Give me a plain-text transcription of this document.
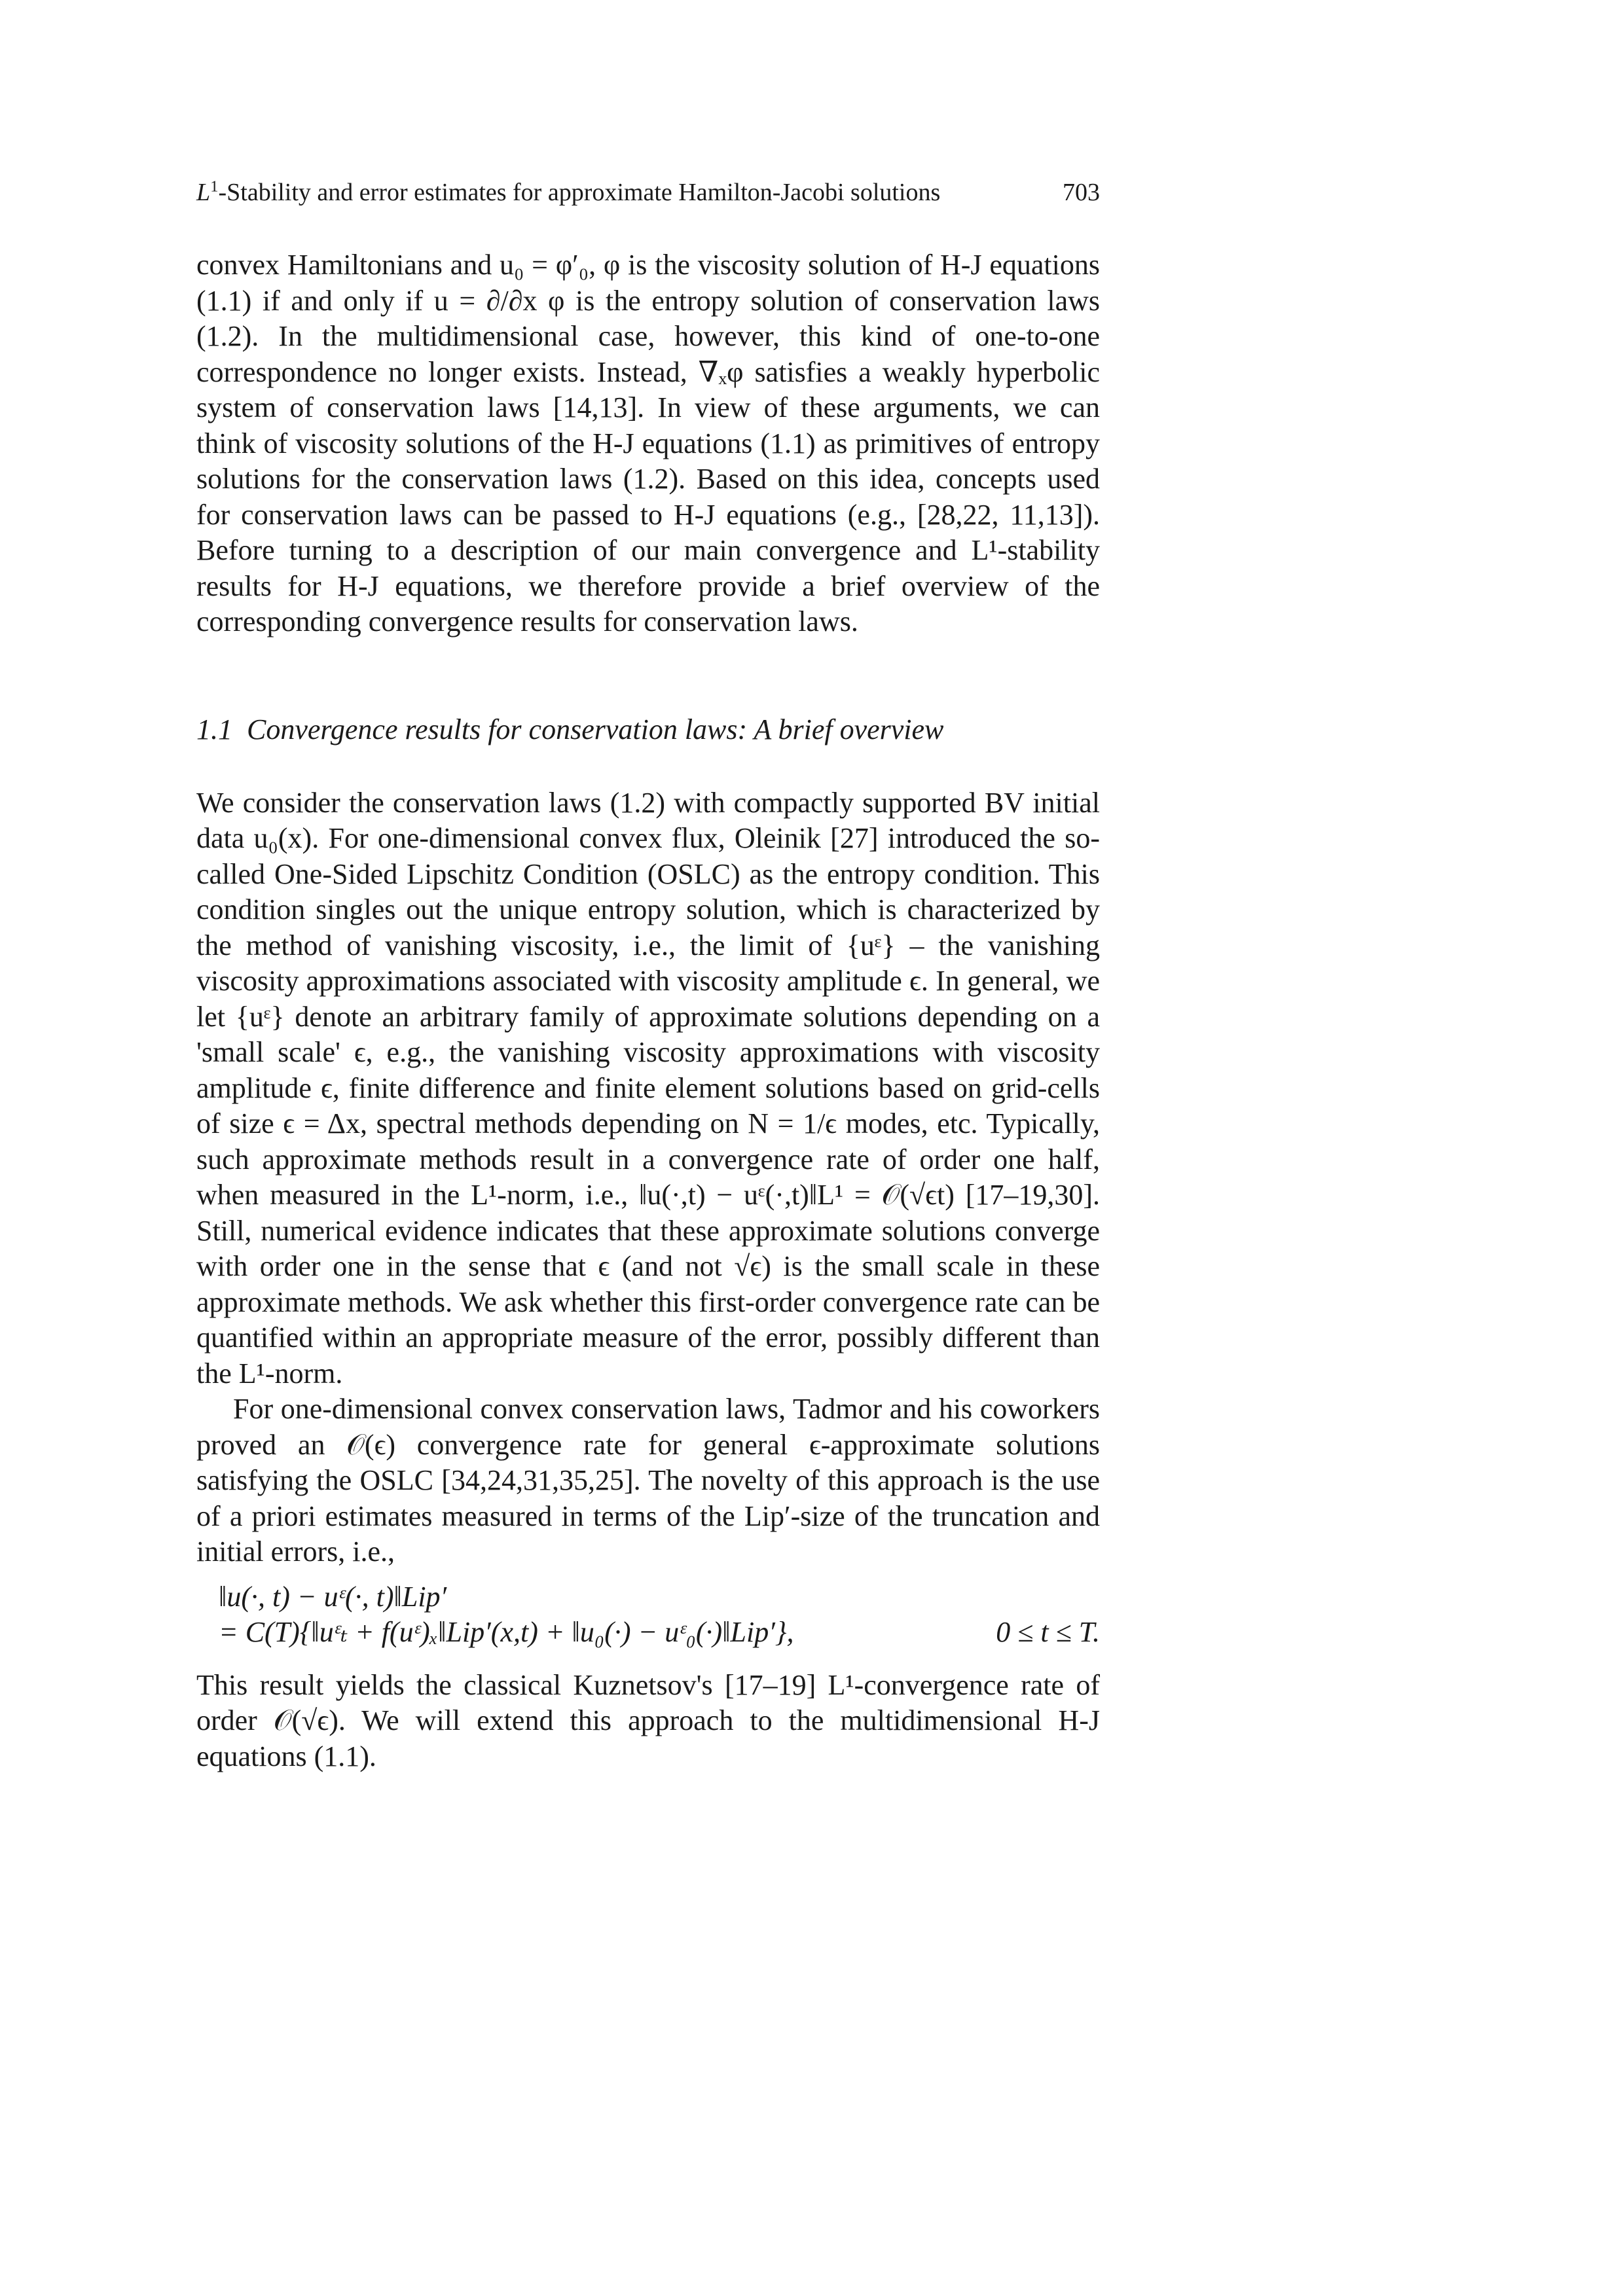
$L^1$-Stability and error estimates for approximate Hamilton-Jacobi solutions	703

convex Hamiltonians and u₀ = φ′₀, φ is the viscosity solution of H-J equations (1.1) if and only if u = ∂/∂x φ is the entropy solution of conservation laws (1.2). In the multidimensional case, however, this kind of one-to-one correspondence no longer exists. Instead, ∇ₓφ satisfies a weakly hyperbolic system of conservation laws [14,13]. In view of these arguments, we can think of viscosity solutions of the H-J equations (1.1) as primitives of entropy solutions for the conservation laws (1.2). Based on this idea, concepts used for conservation laws can be passed to H-J equations (e.g., [28,22, 11,13]). Before turning to a description of our main convergence and L¹-stability results for H-J equations, we therefore provide a brief overview of the corresponding convergence results for conservation laws.

1.1 Convergence results for conservation laws: A brief overview

We consider the conservation laws (1.2) with compactly supported BV initial data u₀(x). For one-dimensional convex flux, Oleinik [27] introduced the so-called One-Sided Lipschitz Condition (OSLC) as the entropy condition. This condition singles out the unique entropy solution, which is characterized by the method of vanishing viscosity, i.e., the limit of {uᵋ} – the vanishing viscosity approximations associated with viscosity amplitude ϵ. In general, we let {uᵋ} denote an arbitrary family of approximate solutions depending on a 'small scale' ϵ, e.g., the vanishing viscosity approximations with viscosity amplitude ϵ, finite difference and finite element solutions based on grid-cells of size ϵ = Δx, spectral methods depending on N = 1/ϵ modes, etc. Typically, such approximate methods result in a convergence rate of order one half, when measured in the L¹-norm, i.e., ‖u(·,t) − uᵋ(·,t)‖L¹ = 𝒪(√ϵt) [17–19,30]. Still, numerical evidence indicates that these approximate solutions converge with order one in the sense that ϵ (and not √ϵ) is the small scale in these approximate methods. We ask whether this first-order convergence rate can be quantified within an appropriate measure of the error, possibly different than the L¹-norm.

For one-dimensional convex conservation laws, Tadmor and his coworkers proved an 𝒪(ϵ) convergence rate for general ϵ-approximate solutions satisfying the OSLC [34,24,31,35,25]. The novelty of this approach is the use of a priori estimates measured in terms of the Lip′-size of the truncation and initial errors, i.e.,

‖u(·, t) − uᵋ(·, t)‖Lip′
= C(T){‖uᵋₜ + f(uᵋ)ₓ‖Lip′(x,t) + ‖u₀(·) − uᵋ₀(·)‖Lip′},	0 ≤ t ≤ T.

This result yields the classical Kuznetsov's [17–19] L¹-convergence rate of order 𝒪(√ϵ). We will extend this approach to the multidimensional H-J equations (1.1).
